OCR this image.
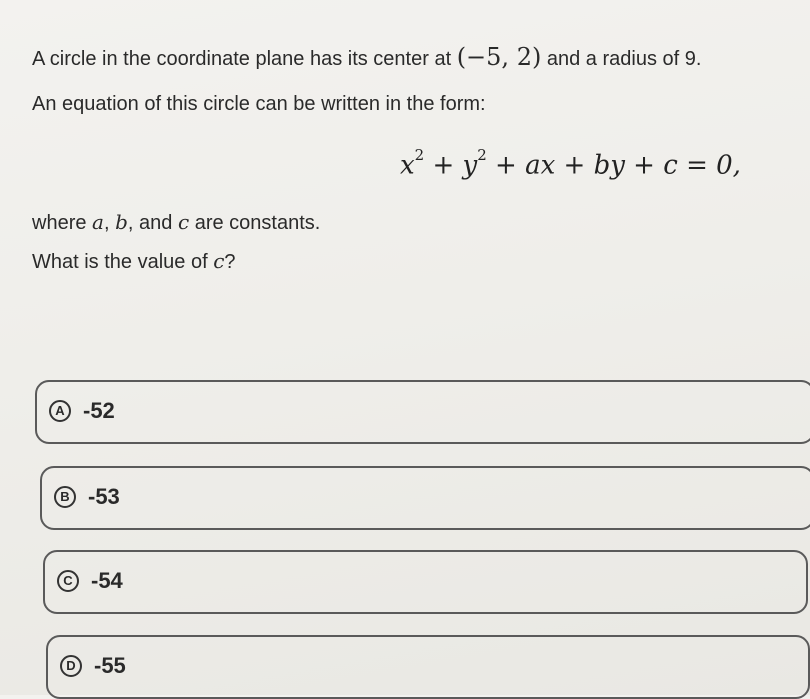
A circle in the coordinate plane has its center at (−5, 2) and a radius of 9.
An equation of this circle can be written in the form:
$x^2 + y^2$ + ax + by + c = 0,
where a, b, and c are constants.
What is the value of c?
A -52
B -53
C -54
D -55
